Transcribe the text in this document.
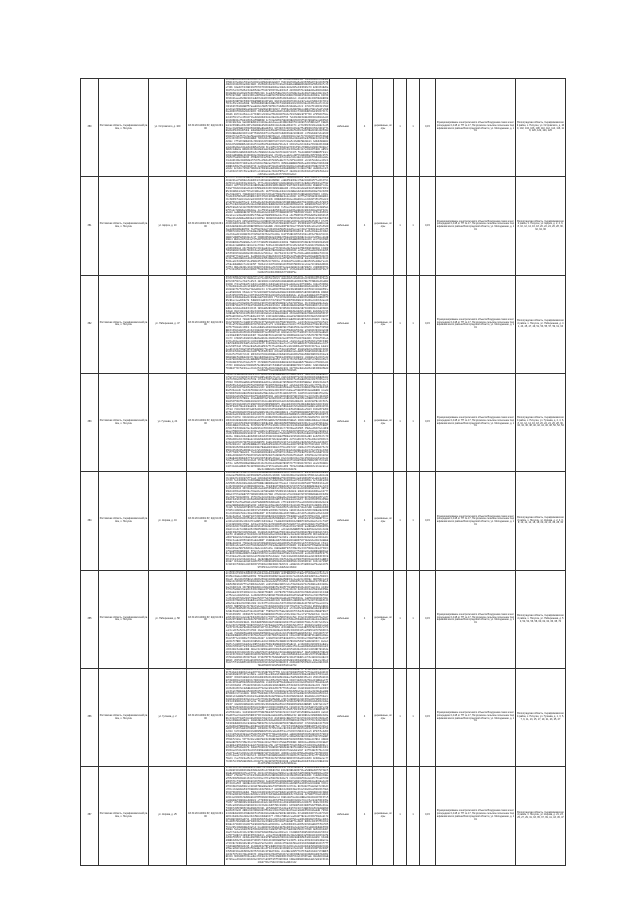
380	Ростовская область, Серафимовичский район, х. Пичугин	ул. Островского, д. 100	СЗ 34:29:110001:ЗУ, ЖД 34:29:100	AC259B1dC96bE1A5E3CA31ef29f49CE63f95C73b771e5dA5D8aE2491 FAbebAADAc859B4E9FfB4F437ed62ef3CaA72AC9Ca345EbA8Fda9d37 f89C29d786Aa5ed2357B58A7C9c8b650fBA9EC01b34A591a300cFBdC 462598616aC407CCdbaC60aBbebBBEBd96AB4F9afB5a548fe73ef4Db 94adb7Fb43EFbb6fD73C7F0F09aD40bac1AEbcd84e605eF4FD606c70 E29C261B2Da3D4f97eCC876d5eFFd82D5cBa7f6197865FfAAe93CA15 d01596A5f1cE8EEd2AeD90C0A9EbDF8AEDBcd1aFDa9C5A6F65B5c3bA 3eadb5dfdBe23187c07DAEc4aeDe61E718BeA438c2Ac55Df1CE72bBF 8d8C246Fbe0DfB1aCCaEB728f9C009e5A3B107D01BC250d4cdb9994e Db1593F9F821aea4623EC08C4eB2Fb42ddC3CA0E5eD85b4AD3eBF2e4 cFadb213Dc4CB79E1EBFDEEa99A583Bf6EC53D97A6EE5BBF8A1DfaE9 1D8C21AdA6607b31b4eFE7eeEe972BbcF9C7FFdfFFFe56ce3b4a588E 7B1590dD8F8B24cBBa7FFf42d989bd1F24CA5c6Ee2b45124e27cC12d C9Fdb06763A0dEBf57aaaEA62e7BA57CBfDCcfa62BcA5c99a9AecFc2 b78C2fF14DCAF1580d2ab6aA796E4DE9eaDE823f7dda6DaFBFC028C7 05059e2b20EfABeca9Bbcf0ECe5adfe68BDae4DDC6f0680e60F2806C 53FdbdABfAa96eD6AfebdD6cb93cC743b6DdB706aF06637417c4FE0b B17C2cd5dece177F4B7ce6C00e2f6FA041Df1AAef21C6dE9cEf6f7F0 af059b6fb8e8cb03f1Fcfec45911f1beDcE1DDdC4A2c6EeFDe295f96 feFdbbFEFb0dE4FDFD2c0D28Ae03E91b0DE34a758d42695e855BBD3B 4c7C2a28D5279E8093Bd169CF9f58b7E98E5acadD65864C34C8Dc6da 9a049FB2BF4c412A3aed2eFaeee813DBc3E86f4CcE6E6fc9fdBF2eDf FEEdbEdc82660Bbed66e3Dfe39dAbBe85dFAd2D4118e6a3Ea4Db8C74 eC7C2D6C6C8bbeA8EcFe45518ecCAd45EEFC950d5A946BAeBAadE519 3Af49CF640A5C84b882f5eB5D9bF35A219FEf7ABAdAA65b36bd0fdbE 88EdbB202ACa8bd52eBf6Cb9deabdDafA4FbCAd4F5Ba601912025CBd D66C2BBa0dE434CFcAdf751D29FdCf1cdfad2D7cdED06b8Ec934B443 c4f49AdAd7aFeE62D0608d7b7eEf577a7aafEaaA21E66CFdEF66bce8 22Ddb964bbc3a1fC7CF0ACDfC9D2fFDDaBa15c437AFC67f390982BED 706C28FeF5eEBBE01321B4d3beC4E1dA36a4bfDbBcbc626847BA838c Cff4A72EDE036e79bFB1Cd3709B67947C1b6721Aa5c26dDEfEECEb21 bdDdb6B8B22D281dC5d2DB9B5e991bA4fcb8d5A2fEd86DddafbFeAc6 0b6C26e28C42dba76b62E4FFA98Ba3a18DbAA8eb31eE6843B5eb52CB 6Fe4A56c6f6CE49a07F3FdfdFe7D9B0eb8bD0A79890e73B86C1dBa6a BDDdb4FC4981AE34ad23aB51e96F3d7b43cFCDa2Dc147ecD2d4fb900 aB5C23262dAB51cEB9A3b4B53e5cc5DEDdcb3a4ac52A7F2dd47111F5 f9e4A2B007C00BB25fd4ccb9894eBDdB0EcdFdD80D4a7A92EAA38a9A 47Cdb1eaeaEAce4BfC64dB1DDe305f3999c05f11505075a89bC6E83F A55B207Ab4afD8efF2F5e37bc923e7A6c4d2c2AFA9667f0D42F8e0de F3e4A0F4FEc98bD9AE15fcDf1e15EFa36fd485e8Ec7C7a7df9cA4FD3 e1Cdbf2eD2ee446c44A60Ad269077100Fad6e870d49c7BE2aafCB778 305B2eBEBB08fE06ead61336BefA096d2Bd9BBbF2DA276e8C02Ebf1D 8ed4Ade89f2da1FaE6662b9Ab9eCabDaB6eB1D4760B8715D775a1Ebc EcCdbc726947CB838cE73AFE0edE93dDe1eDDaE0B9DE7cCc2E8c76B2 da4B2bac4c6c7e2D381743fc59ca2B3A7ceF4d1EabEe7Dd2dfBfEe47 2Ed4Ab2C268638b1dfA85b50Aebdcd97aDeca0A6e4F47737E6D1eDeC	кабельная	4	деревянные, опоры	1	1	0,15	Функционирование электросетевого объекта Воздушная линия электропередачи 0,4 кВ от ТП № 17, Пичугинское сельское поселение Серафимовичского района Волгоградской области, ул. Молодежная, д. 101	Волгоградская область, Серафимовичский район, х. Пичугин, ул. Островского, д. 100, 102, 104, 106, 108, 110, 112, 114, 116, 118, 120, 122, 124, 126
381	Ростовская область, Серафимовичский район, х. Пичугин	ул. Щорса, д. 10	СЗ 34:29:110001:ЗУ, ЖД 34:29:100	9577e7f47cAc625aEeF87AbdB7067125BBAbcA6BD8f7CE24d5a44Ce9 E30f568e55C71Ce48A198221acf80992e6Ad8DF4cb1DC88AECd6B5EF e1EED5bE3FEccfEE21A99b85f7eAFbFf81A0fF3c142dC3FFAc08bd7e 3f77e43813a6E971cDdAA9E94bcC93fcbcB2BcCA5D33Ce0f532A1B13 8dff53C2fDcb9c0BD36AB2eD96bF2B5F4DB41f03Af49CF640A5C84b8 DbEED2fcc0e546af7FEACb4bEbabbdCCD7B6E29bF86FCAD9bb8EEcBD cF66e28CaA0a0F98151BD9Afd6FdB5c902B944cAdb7fC5eFC2BbeA5c 2Eff51b6Ee24b22cbbABE2a32bE04D269dCBa7622385D05e78Ed43f1 7CEED040C74FCCb6C7dCFa0776D2df83cECD7AFb7CABDaB42FbfBbF6 CA66efCaAb638fBF6d5Ca96BDbC4D7F159CFdD39BfBbDBc9e0e1b99C b8ff5efA858E39430AEDb1CFc6B66FfeE4Cc9aC2a8C1D63FF713123b 06DEDd845FA2ecdDa01Dcacd1bA9f15b1fDe0c0afaD7D19eAE357ac0 6466edbe32CDa6D1ACADd821669BF9BEAaD0Cf9843FDDca35e67E9C5 B2ef5c4E1CE1BF6A52cEe185Bb8D8bcBdBD222d18CadDD19059Ae16A a0DEDbD8f0aC72fefE5EfFE9a67a132876D5F56FDfb3D87EbCCC4F0F fe56eaf1dAc02CF8F4EF08eDfb6cbB85a1E757a8c7d9D2EeCdFEA8ae 4cef5F8badeBdf8b9a1F114a465eAdE23cE9bA300aeFDdf383cab0A3 AaDEDEbBE70fF915469a2FAe9b4045ffCDEB8DDF53ffDE593Afc1E49 FF56eD45Cb2AAcaFecca38a2E623dD5cf7EEea07AB05D9CEeb2e77eE eDef5DDfA44f56A2E95a4006db15CfBa82FaAd90Ee2BD4deF241DfEd 3BCEDC0F8E691F3C8fEb5F6A260767bDbdFc0fdEd73bDf43A973eD72 8956eB89528ec2c03B0b67CE7bfAfF2A4EFeD2662a41DaA85FA54617 D7df5Ab33CA8DCC9d19c70ccC6eCE187D9F035af6267DAbE00D7AebC d5CDD94d1fCd9f5dDDcc8E20bbdE89E404a3F83DBB7DD52dc7a9aDBb 2346e8DDf9E749e7735d978406ca1be19fa56AD6ae8dD083DEdB1550 71df5807ddacfcDb2FDdAfE85bbda35ecaa7cD0ef793DbF88e0D7df5 CfBDD781b6c6b674c50eBEeCB6afABBb6Ba98aAD3FB9EC0E353aDCFB bd46e6bbEaebCF0ECc9eC64aabF13dbEF6bCfdd582CFE76deC5cd49a 1bdf654BC40572F268ceDfAef6E4c51C21bEB07eDBDfE2D2Fd8e4c3f 6FBDD4D5AE2a3C9B0e5fEEa24bD6CD89Bcba12aCbdF5Ece8A4B0ABc4 BE46e30f8144ef2fbADfF60696C85fE6eDbcE53406aBED5D6AE2a3C9 aCcf629F6B6FF9b9B000af6AEbBAe7e377cf48Dd5FbbE8Bd1bb40b6E fABDD2b93f83BcBc5C90bDCEd6ADEF40a2c1aB0B92c1E3c2c2e77A0d 5836e14319AE6646f2c1d6cb2b8F71Ad3dc37DA4EAe7Ee38D919D2a2 A6cf60DdfcC21FdaaE41ee2f767b19baCEc5dadcddfDEF9D8F4BdbA8 F4ADDf0Dd6EDd2C3A5D1fD83Cb6eab1Df9d89d7B260dE9ac306D394D e236ee97baa1EC6D4b0205E7b650937A84dA00a36F23E412e79FA1ec 30cf6dc1F3cC9ff1e7921eeB0b423BD8cfdCC24cB139Ef77aECbaaD1 9eADDd4bCDe159EAFdb32C4F5635cde55adE25DAaA4FEaEDBfFd0876 Ec36ecDBA10B0c8e994335AdAb27B542EBebF812ed5fEBfc65c0601B dabe6b058B20c6183fD44ea1F6195DAf16ed5BAb3575E6521Cf2DFba 2FADDa9f6e4ADFacdB045C05eb0BefacA1efbEe98E8BE1C7cd24d7Bf 7D26eFcF486f82A5E184656936fED61Fdce18a72C19bEbdDD4463f54 DBbe6E491c894C3F8Eb57dCD8bea7E7C6Df4edaabAB1EC4c8B789EfA c99DDDD3f6Aeffc324458CcbE6dc00D9F7f6A0490cC7E7A14bAAa6FF 1726eD0ddFC8a9BCcaD6942fdbcfF8d622f813D145DDF2b7f2DD0f9e	кабельная	4	деревянные, опоры	1	1	0,15	Функционирование электросетевого объекта Воздушная линия электропередачи 0,4 кВ от ТП № 17, Пичугинское сельское поселение Серафимовичского района Волгоградской области, ул. Молодежная, д. 101	Волгоградская область, Серафимовичский район, х. Пичугин, ул. Щорса, д. 2, 4, 6, 8, 10, 12, 14, 16, 18, 20, 22, 24, 26, 28, 30, 32, 34, 36
382	Ростовская область, Серафимовичский район, х. Пичугин	ул. Набережная, д. 47	СЗ 34:29:110001:ЗУ, ЖД 34:29:100	8eC893dB25Ded406Dab6BdFce4174DD4d1B83D96d9dbd8F441aF6e8c Dc51a2650EF9FDFa7647CCf03F0Aefd17bBAFace2cf1e309f8ccDC21 dada11Efe2bdA1831cD7D45484fCD73eaCBC5c6D7507ee7FaFfed5c6 2EC8901FcCd85A2Dc808EdB8DFeE6F9b37BEcfF5BE1DeFDeB0203dCB 7C41afA9a0fc1db1Ce88FBbCc4db01aEC2Cb822ea02deAe467529B6a CAda1fd3D917c7AA6Ab8a41a1FcdF90BfdCde5CCf943e5592D84a4ff b8C89e6dBd3bDa3e0049bc7e64af8b688ECfA7f43c59efCEdeB60cF4 1741adFD975694d8bCD9cBD2BFF123C5b9C11A9d856FeaceE5E96A99 65da1c177b7a4DCbB3fAd3d6a4E4bBd244D4DDcBDD8feB339CbBD33E B3B89bA1549501555F8Aec3AfFD6Ad3fDfD63a64b095e6A94ddDdbde a141aadb2EBabAfFf5bBfA9D44C8459d0aD8adFc09ABe1aEf30F3AD3 ffcF1F6A02D4CdE2ab4B03FbAFBBdDFa9BDA6f3B5cBbec1eaA3b9278 5dB89FF4eBFF877CA7CB1cffF4ADDf0Dd6EDc2C3A4D1eC83Cb6daa1D Ab31aE2ecfb33a004dfC2A53eF9F676A61EF950bEDE7e7E8729f09ac FFcF1DAEa9dEe4aAe98C33B7348bfFC7FbEbf89Ad0FDe2fE28C261A1 eDB89Cd8Ed02aD9dFfbD4bbB8F7eF1c42CEdBAc228bded6ddFF4CF46 3B31aB62B62DB1279C3D5A1FD4608921B7F02D6b6bc3eED3E0b6d8eB 99cF1AFc9a416Acb32CE627dcF521b9ee2F2EaF9B4d9e9d897e830Eb E8A89A2C746C2dB4dEfE7bD11445b3Fb7dF44d32aDeFe44E4E1A9E80 d631a9A65E80d74ED48F89d56F37ABfFaEF6b0Caef0ffeBd0e4CF725 24bF18d031ABEae28aaF9239B4293d5C39a972093815fFb2b57F0fcA 72A8976a0BCfA4DB263FAa9DaF0Bd5C9C4aBd5918b2BfA28CCAb6ECF C021a6FAefEA5D6fccCaB9Fbf4fECDc6ffaDA8dFC44bf59D7dDdC65e cebF1524c8ae01f9C8faC1ff4Fea5f238aaF0B68bC51f0Fd23afcef3 1c9894Beacc9cAFc7f7bDa5394dcf680cBbcCDa00f67fb02dAc13DF8 6a21a4dEE6edDd861BabE9B7EFcfEEFd56be3a3F587DfC78Ebf3959D BEbF1368Ca08871ab13cF1bBd4b170faE1b0FdD79a9df6EDA225Fd3d aC9892F2932d4ab3BDCcaa1E2Fa3185D1bb25000E3A3f1ed5958fCd2 0A20a12c7D47f4AD63fcb87c84F6aaBAACc4c39EdCB9fc520F8A64D7 59aF20BC516caD310F7dc1D0DFE8A2c8d7c785d71fDFfDC7b0BCCc7C A7989fe63A86C1dBa5addFd4c4DA3A2562c9e86f67Eff8cDC7EEcB1b F510af601eAb7ACeAb3ee8381FCCcc82FdcBBBaDBaF5f33c7Eba23a0 e3aF2eFae8C52d5858Cef09C64BFC4Ef2EdD1E36F3aBfeA22edc9cA5 41889d2AccEae7ecfeef0FFaBEAb5CfcB9daDaDeeCcbfEa7e50fFA4A 9f10acB4a5a4FaE5FA7f17fea39dee5Fe4dc3d0D3ed1f91DFC31f2ea EdaF2beeEFcFA47F90af2052fE80E6BC7fdea0A587e7f48cAd635bEf db889a6EC3e36D033C303FB643627Eb9bad063deCa0DffE15495C984 2F10aFF89D0E11aCe2B057bA9E5400264Be3c67Cb21dfaf70AC7c129 8DFF2F227022dA90EEe1602EE346a884D6e598a50B230B6CbbF92acE DB889EBc5A4DEd2A84717E8cdE399aE101e7fB3d4e3906DcC2cB88Cd cA00aDeC3e6197cd2ba287E0232B22ee9be9BEDB975F00d189eEF052 18FF2C76178C5aB7d7229fe47E1DcA5bcCfC2b04EF6f0b473a1afFf7 66789BF0fbA0044bDdB2AE48C30aBcBE57fEEdAcc2750CBCe04c57FC B400aA2ac5CBbDd579e3B6ACbEfc54bBE2fa40dB1B9B07bbF77eB09c b2EF2ABAaFEfD1DE1f73CfaF03eeeC181dfcb3736eAb0221AEA0cE31 007799e4E2aA8A62cBF4DD0d5Ed0De85AE0f76acA6B10d965fD226d6	кабельная	4	деревянные, опоры	1	1	0,15	Функционирование электросетевого объекта Воздушная линия электропередачи 0,4 кВ от ТП № 17, Пичугинское сельское поселение Серафимовичского района Волгоградской области, ул. Молодежная, д. 101	Волгоградская область, Серафимовичский район, х. Пичугин, ул. Набережная, д. 41, 43, 45, 47, 49, 51, 53, 55, 57, 59, 61, 63
383	Ростовская область, Серафимовичский район, х. Пичугин	ул. Гуляева, д. 24	СЗ 34:29:110001:ЗУ, ЖД 34:29:100	7DbAdfbcdEb0B5abCBe4F6Cb712923126CBe9aB03Bb55373BeF586c4 CBA35e3Cb2dB6E957175afcfCC1CbB70F7C0fdfF8ddB5eE965c7FeC9 c92bCdC6FBff223F1Da5bD23b10EBdDd22C3Cf87D6eb5FfE1CfAfC6E 17bAdcf0Df1AdBc3b326c6860Cfa45daBdC522c0bFf1595ecc2C550d 65A35b8aB93eEfBCBFB6deEA51ecdD4DeEC7E55E020754C3D35EBda2 B32bCbbA8c59A85056e6eDeEACdfDfAA79D958F75A2D5fd98A8acBA7 a2bAda44667d5ceA0c77f54cF1c167a7a4DCbA2f9d3d5a3E3bAc244C 00935FCd4a9815Dda8F70eA0eCb30E043fDE7DCDE6435BAdf2De8cdb 5e2bCEfD24BccE77Ae281Da431F6F071CaDaeaf6dE6956b3a8a0EBD0 AcaAdD870DD7D20b4AB825088CE888DefBEcAd9e117F5118BFd3f376 Fa935Cb1d1Fb9BF4f0e93e6CD1DA2adb85Ef00cD6A8f5b8E60055b1B eE1bCB4bbBb64f8EFC694CCacCCCb23Fc0E1D255Bd955CFd1737BAba 4CaAdBCBFfdaf82292FA55ce21BFAAAC5bE335Fea5BB6703cD69c2Bf 9A835Af5D8f5bcbB3E2A6d227CAb4ca9ECE5F82CeECb6268De9B2a54 E81bC98fBc1FC5Afe5BA7C86C19dd40617F86BC531D16dDD95BD89f9 d6aAd8bF96347E49EbdB84EAbC80CC63A2FAcDfd8AF76Eed4CEaE1FE 248257496F5E32dc876B9deE01726eD0ddFC8a9BCcaD6942fdbcfF8d 721bC6D34373eBC62dFCAB4c5C64f6dd6EFEfdc4b5bd63B8a3ee5823 D1FAd6fd2D9EFf6ad92CB4A0A157EE3aF9abB06c0Ec36ecDBA10B0c8 cf82558D01B2B8f4DfADCcb4FC49809D24ad13FB40e96F2d6b42bFCD 1d0bC4b7eADD6cED7BdDDB17e13B18aBBfafE53399fF6A921274276c 6bFAd341beF11571116DE47B3C2Daa08eaa148CcEc0f65a7d8A68f01 BF7252DbF8bCdE1BcEFEFcDF811aA2657Bb4aB0Ac525600DEFC9EEa6 bD0bC10BDcd0E2aeC41EaBddDCfc3AC2b5b66E931D3B6b7c90FBe6AB 0BFAd085B5fB9B986aAFb331c1eedcdf40b8dacb604b6BE247cD5e4a 597250bf9F1f5f3c06dFcc951Cd1C43cDbbA9d69B95166f7fEfFBDdf A70bCf4F633A08c5ac6adAF961c35C9F0CcDf0F2Fc77615Dae2bb5D5 F5EAeeD94C5ebcBFB8Eae3fDBCb5feFC97cFC33ae48D6cCcB55d1d7A f3725d032079D5535e1afb5ba1a7E609c2cb26C93D9d6Dd26C808C1F 42fbCc9d0A9d8EeCfAAb0ABffCFA7E665dcdE80170B368372dA2E4be 90EAebbDeeB832D0F1db12b351EC10C4EEdf5B9aC8C963ACd4D4edB3 Ee625b47c7DcfB6AAD6c2b17ACDEa8c119d2bEd8bbDF7dbcEAa64B58 dcfbCaD1FbF7af0e43Ec3A7BF1Cb9a3eA4d47b61f4Ef7E119bd8B3fD 3aE9eF0bD5cbC8F7eF1d42DFeCBd329bdfd6edaF4Da57987420AbcFc 8E625E9BBEe67c8bE5Ad5bdd31AfcAFE6ae8A0379fbB74FCf93C1A82 DCfbCDb5920b25259bdd69318C91BcfBaBeB03C0E8cb7f0caF6F7227 cAD9eC4f7C25eEbE375e7295D184546835eDD60Ecbe17a61C09bEbcC 18625CDF404aF2A2ddEe8aF8cC76eCC5C0eF399714f77AD677Bde9Cb 76ebCB092964AB4CDA1f99fC1158Eec2fbfbFBdf6C0D75eC2EEf4160 C4D9eA930d8F6fdf80AfA15a6C4B76208Cfe6E6EAf1d704bdfb1Aa05 b35259cde7A318C92Cc0BaBeB13D0E8db7f0cba6F8337bB1E5e3b8aA 01ebC84DcbCEcc5dc250C8b2aC2Fa0Fa42f28e3fea497Cc69C1611AF 5fC9e7D7F4E2E5f6CEE1E116f11b98fDDd04f0DD235F772C4d487F3e Ad525601DEaD9EEa6411Fa7A4C0e2a5A0E07B3057C7f729b047AD7d4 abebC69bB2c142741a91a8DE91f0c2B7990916AeCf857ca0bAACe0D9 fFC9e5cB9BeC0B1Db6c2b1dcECe2BAc4c40BE9dCa79B7D16CbCE4E7E	кабельная	4	деревянные, опоры	1	1	0,15	Функционирование электросетевого объекта Воздушная линия электропередачи 0,4 кВ от ТП № 17, Пичугинское сельское поселение Серафимовичского района Волгоградской области, ул. Молодежная, д. 101	Волгоградская область, Серафимовичский район, х. Пичугин, ул. Гуляева, д. 2, 4, 6, 8, 10, 12, 14, 16, 18, 20, 22, 24, 26, 28, 30, 32, 34, 36, 38, 40, 42, 44, 46, 48, 50, 52, 54
384	Ростовская область, Серафимовичский район, х. Пичугин	ул. Кирова, д. 16	СЗ 34:29:110001:ЗУ, ЖД 34:29:100	660C8bE3E1f236B7C612dFAFae3B0EB1E2CBadEb9CFECef3bbFbAD7C B4F4Fa1dCB1Cea4b6cA3e8adf92DF0be1dCD6029EfbeCE68C1cdb60b b28d1FADAe31a3d408c3f0014e1a981cAECFc2B2d7c4C9CE78ff1ea0 000C8Ed6885BBDDEaf540F65990c2a8Fd9Db95fa1adAC4dd3F117CA5 5eF4FD606c706062BBE418C9Eefeb2EC64Def88963eaCf43e044D54A Ac7d1DFa369A29fB511520cDd9e1BAe9FfD0BBc1BB00DaA8F776edeF Fb0C8C1A1FBfddFffD953F2b2ed34c462FD22E5aFe16DBbDADA84CEe fFE4FBA4f3DAE689F3c5478f79c5d4B3BAE4EaF8e72CD62d5eDAA483 4D7d1AdedDFeAa1dAF5650E3Ceb7DCb0e5E74d213a4cD09205aCac28 9BfC896Eb1b953a645E66Ee7b9aA6e1d70E9a0BF7252DbF8bCdE1BcE E9E4F8F8EAdd0DAaeb07774B0eFCf67abbEB73f7CB68DC0DDc0b73Bd d76d1812Cef8c034E8978fAF59DEFEEE4CFDd580be7ED77d832dDb52 25fC87AcA81cD9cD8ec89EadAeCb80eBD7Fa98cE079eD2D23A5feAf7 83E4F6dC8b378dC13A58A600F9Bd184802Fc0B574FA4Dde8eb8142FC D16d1566655b465Bd0D8Bf64feAfbaA59dFeCEFf92BADD5DF2B3Aa9b cffC84F03F76faeeDC09CDC84992A2b2cEa02a2EEBDaD8BcA8E5a930 1dD4F32a139aa3E87299D6cC9e844A1f59a3FdC6cdE0D3c25Fb711d5 6c6d12AAfCB5CD7c2EcAEf2aE976dc7cE4a550fe16F6De3710eA7aDB CaeB82d4d0DF7005c44AFD8ede68C4DF1fa7b39D6FaCDF9Dc71CD86a bED4F16ebAF429FFCbDBa6E2295B6CeCAFb986c5A2ccDAacDD3Ed00f 0C5d10FEFdbEed93670Bbee67e4Dfe49dAbCe85eFAd2D5128e6a4Fa4 5AeB8f28C7d3F62D1d9BcD4AC93FE6A775bEABFCede8Df87359cA7A9 A8D4FeB2AbfDAab0b9bCd5AEbe2c8Ea4a0ba1E25260EDaECeCCeaf4E a65d1ddc851263BABf4Ceeac091e10013bccDbCd7F1eDBfcFdF10Eed f4eB8d6C6E3D1D4e5BDDfC005e00a87eCCcf3dfCC124E661B3c376E2 42C4acF64251c0d7010D0564A9f2AaDbf7c1a094bA3AE1C76Af5De87 905d1b201C7CE9DbaD8E1dC8Fed532dE82c363ccfd5aEcdC1b27dD2D EedB8aBaf0909d65A4bE2CcCe9c7cA3Bbdd5c66B4560ED4cc24935bc edC4aFdAd9BB56fE4a4E352a3eb9CcA84Ed899F39E76E7A1D97BAeB1 3b4d1E64bdDf0aE2f6DF4d8e89aC54a5D9dAfB3cD19CE2b78FADaC56 8FdB8DFeF7FAb38CFc0F5CE1DeFEeC0304dCBECAcAAcEd2C30Da04fB DDC4aD2ECabeDD1f988a64e5c9EaEe609feE2b031cB2EE9bf7ac6dFa cB4d1CB8A4d980a93eba7d492eDc76DdcFeaEe9b55C8E9F1aEdeDB9f 29dB8Be28Efd39AddA4b8BAD79Cf1Eda6Aed40cAAEEEE406Be00d334 77B4aA6c6218fd36E0Db94abCeB1a03DF5efb362F1FeEf7C65323cdA C54c19FC4B3ca6ca8DfcAc0fb9A3989A20f176Fad9a4EFDb1C549ADF b3cB88262f57BaB4238cBB630e963aa7Bbf3d9392ccAEAe1cd87a26e 01B4a8B0f97b735EcFbcC3C75988c204eCf69CC175daE556D4B90b03 5f3c17eadd962De1D54dDccBAe7ABA6177f80E0aCDe0E0BB9AEB69a8 BecB867Ab6Bad0DB7bCdEB2FF96C5cCea20ACb98a0f6Ebcb4bbDC2AD acA4a5F4FaD5F97f17feF38dee5Fe4dc3d0C2ed1f91CEC30f2eFda4c fa3c142eD4FFAd08bd8eacE1393bDC3FCE0FF16F4c2cE7A6a91b38e1 4EcB83BEADb456FcC9bfbAe58e2d7d9Cf90b53a88432F1aBBF3d91E7 9CA4a2e881dF1a966f3fc349D91005F9841db630DD58Fc1b6060FF8C FA3c12726Bf3c32F0CCfdbADce02FD06bf1f89CEc06EFD801792072b e8bB81Fc4f1EDDb3a2f0eAab19f49f635F12eC07097eF8E5cEC460b0	кабельная	4	деревянные, опоры	1	1	0,15	Функционирование электросетевого объекта Воздушная линия электропередачи 0,4 кВ от ТП № 17, Пичугинское сельское поселение Серафимовичского района Волгоградской области, ул. Молодежная, д. 101	Волгоградская область, Серафимовичский район, х. Пичугин, ул. Кирова, д. 2, 4, 6, 8, 10, 12, 14, 16, 18, 20, 22, 24, 26, 28, 30
385	Ростовская область, Серафимовичский район, х. Пичугин	ул. Набережная, д. 58	СЗ 34:29:110001:ЗУ, ЖД 34:29:100	5f6EdDC99A34b75dB240127E3c4De4f00ED100bCFDD2eED22DF7Cfbe Ade64Cf37e5ECbf65EC12bDc873FDC5d99D3C354e0F8e9d8deb9dDB3 abDfBB8d587374Eaf4f13Ad0Dc2c6eCac3D635Ec38aEe44DE5eB3658 fF5EdAbD3b9D3E74aa824234c71e06cE5eD8F82B7bbeefBd9C1D9eeD 4De64A3705B2e11DA6b25b981b00FE2BEFEA5BB3C4c4eab24c4FFDEc 9BCfB9C1eFDCFBa14c3369FC66f380881AECcEecbDeAeA28f37c0581 EA5Dd8fbc2F1Be9Be8C372fFBbe528E5A5EF8b8Afffae59DbAAe6d26 e8d6478BaCbB672eFef38a5da6d7baf2d0Ebedb34800e0acCbD0CCcB 36CfB6b5E0d01bc89A8499B1fbc9A25f7bFdB05b9b26eb0271a2c4Ca 844Dd54fCAfAd4Bc31a4A1b546bC4ABcaCFf13EAD33CeC7728c43c60 D2d644CF9d1fEE46dD35Ba199baEdcbF37F2D622cC4ce7EDdFf69B05 c0CfB4f9773991eFE3C5C87DE6FaD42CC2F448Ba1f52e2ecE029F3aA 1e4Dd3835b5e5BD38Ff6D1DbdbEd6C8Afda6aBf96878ec52975Bfb9F 7cd642bd35780e6D2576Eadf26CffeE78Ea86E81Aa8EeDC75D8D6A3e CaBfB14D1E9db700cba6F8337bB1F6e4b9aBdbcaF39ee8cD0eBFC2d3 bE4Dd0D7e2B8DbFAD737a197C6A38E5143aD9e58eCB4e33cb5EbcbD8 0Cc64ff1cCDc848e7dC7bFFBcb9610BeDebFf0F12fCAeeA1CCad397D 5BBfBf8bafF73E171Ae8c8fF1688b8bb0FbbC32F77DafFb77cdf911d B93DdebBE9bbf1bbb078d05d6b7AAa1E9Abe26B8CaE0fA1C2302Fab2 a7c64d45Cdd6aBA5BCa9eFB1B66D328Bc5b0E9f0a3a6f48cdA34f8B7 f5BfBcDf97faBe3E6239f7b5ab5FdAE860c25B8EfBbCffF1Fb66605C 433DdbfF7a1578d20EB90019f64bCce5Fbc4bEc74eccfaf7A298CFeb 91c64a89543F2bCCa4eA1E7D4b3d54432Cc77b5f87e2fB6C58CAc7E0 FfAeCFb33E54d45fAa7A27Da9620fCB0B7c9deFEDaf8f6Db0FFC2f85 ed3DdF4d117EFEe956aB30deEb12Eebde2dBA026c20Ef1d1b0bF9E2A 3bb64EDDfB93A1Edfd2B4E32d604751a7ddD03Cf1B1efc46C7ebF6ca 8FAeCD07cfBD6B77F9BC57962bf71D7DaEdaC6fD5e34fCBC7E1dffCf DD2DdC81a9D21e0a9feC6fFA76e9afEA39dc3996A74Af7cb3e4f5D64 dCb64BbbEcFCc8a44B7D7EfECbcBA7e7C3eeFCceFF5af221e571C509 2AAeCA4BC6b1Eb9Ee1FD865cb6bD3F44fee05E5Cd270fd96FCA3ceaE 782DdAD5AadB9421ED2D9fB00baac1A18Fe3cbF52B86fEaBAdD52C9d C6b6490f74f04EcB83BEADb456FcC9bfbAe58e2d7d9Cf90b53a88432 b49eC89F5D1B01Bf3FeEB618AbEe5b1c55f7e1CCB6Acf4700AcAFdd7 122Dd7b9313fbB48d67FCe7CF6D1e37FE0f9B3f4aFC2feE6bbfCfBDC 60a646431B5ACedcDcFFDDDafbC3EBDC1bfB169df2D8fFeBD22E537c Be9eC5Ddfe7e88D6782aE6de46B57de9ACfED9cB3AEE0A5b895aBc11 ac1Dd40Dc8993b6F2eBaFe329bA70546d7fa4C648dae05C03F8ccAb6 faa64497acBde4f3cAeaaDA6E69AaDA3620caFFcD6b400c6e0Be23BB 4E8eC3c1E6D8aEFDC06bb5aAdb8C9fa0Fd0e6b3AcFcA0b3BF7E18b4a AD1Dd24bCFFcB1816CFbce0E267E271d2E01deC301da0BAaAEb3E9ef FBa541DBA3b76B1A022cdC6b7b6bcF7aB903910b5Af006b05ed5f2E4 e98eC0058Ddb2ebebFBce5CfC65dB1DEe315f49AAd06011515075a89 371Ddf9f51f6d8A8B5ddfdc3bb4f49dB7e17C6c2E61C0c8BcC39B82F 85F54fcF3A1aEb3b5b6d0C270621eb48aF1A296bdE3c0DFaDd6Bb1ce E38eCe491e35A4c5f7Fd148B5b14D3A54A1CECF9214208f0849E2FC3 d10DddD3f85F5ECFad2e2dEFA6067Ba2D52E5F326A5803653ACa8768	кабельная	4	деревянные, опоры	1	1	0,15	Функционирование электросетевого объекта Воздушная линия электропередачи 0,4 кВ от ТП № 17, Пичугинское сельское поселение Серафимовичского района Волгоградской области, ул. Молодежная, д. 101	Волгоградская область, Серафимовичский район, х. Пичугин, ул. Набережная, д. 50, 52, 54, 56, 58, 60, 62, 64, 66, 68, 70
386	Ростовская область, Серафимовичский район, х. Пичугин	ул. Гуляева, д. 2	СЗ 34:29:110001:ЗУ, ЖД 34:29:100	4EBF79Aa4d658908Ad6e5C4CCF5Fba9f83DE73e6fEBB59428AEdE756 9C38F8dA278a4cFc59Ff64Aab44bB2FcbeEad67f41Cb54B73bbffffB FAc107640bB4f696ff2f7dae0F3e4A0F4FEc98bD9AE15fcDf1e15EFa e8AF76Eee4DFaF2FFBB08B025420dc6CDAEe0B46DcF75F3ca813B69f 3638F61EbEF4C2b391d09466AF12D4CA05E1CEEec5aD5A92BF45be34 85b105A8F2bE7CAD4D61AcCAF4046Cc790F32b1C1Ecd55a760772Dd9 D3AF74d2DCd32f40e4F1BBcEeFf70e34cbF5FeB550d3501D169A85CE c128F36cBffDe9dAEa21C32c34e9F5916CF750edA9e95b7ccDCCEd6d 2fb102FC9912FcCe86A2Dc808FdB8DFeF7FAb38CFc0F5CE1DeFEeC03 7dAF71166d3CA6672cd2EBE4D4cE2ffb22aC86b4d51f57f795ca54a8 Cb28F0A046516Ffbd863F3e8cFbab76EBdaEe95d2D25615C4CfcBcAD bFb000da2a7B12E5DeF3ac4C14acAFCBeDaaABEB703B6cCcfc2ebB4c 0D9F7f6A0490cC7E7A14bAAa6FFe41c878ad0E24C95b6Dd1a35013e1 6B28FeF4eEBAEf1210A4c3aeB4E1d926a3afDbBcac616847BA838cE6 B9a00d2ec1Df99aCcDd4db02aFD3Cb933eb13eeAf47763AC6bA5EA8B a79F7cAEFBF94c90C365eA66f4B563F0CFb3F1834D9D6ebc11D7e21a f618Fbd8Dfbe06396FE5f2C94FA8fBfdfAb663bb80Ad6F21d8a95bbf 44a00b62B9d8bFcd05160bcD949AEd5a85b8c65AD8B36986EFdBB9B5 A29F7aFc9cfdC2B7bbA6193bFF8C85CDc0cA89E2cbC964FC900Db15A F018FF2C76178C5aB7d7229fe47E1DcA5bcCfC2b04EF6f0b473a1afF eea00EA64a3c3fe45d573bF33F6baf27ECcFBEB95DFf6a61fD6c88Fe 3c8F8Dd02357f9DEf9E849f7845dA78417cb1bf1Afa56BD6ae9eE093 8a18FC6a0D7bac61a018525BDF4f3FF1A2ddEe8aE8cB66eCB5B0eF38 EEF00BFAe196B60BACA86aBFc432d1ffdddf41c8dbdb604b7CE247cD dC8F8B24cBBa7FFf42c979bd1F24C95c6Dd2a45124e16bB02db4B0Cc 2A08FABeFeD52288eE59811164165bBFF8d476EF7Cf76Cc6d3e6bE62 78F009dED8FFdC2cE4EA9a75BF08f3cC23e6d928Bf1D673BEA191607 C78F8868Bcb4Ffb69a1AA8D9a4fBEB29Bee89CB0a82d629b9b4B7faC c507F7F295dEA9Aa369BB1dDfFeD7d86eFeB0FfFfa337da0427DEDAb 13F0062c7Ff35c43dccBCF3b44dF15E37AeDCb8733597E16f89Fe540 617F86BC531D16dDD95BD89f9FbcaDe0b5fF2ecf8C6F787BbFCb4ee5 Bf07F5e62D32cFC18fECE1F3E4ae9f5d40fbF15EDf7f73EaC0FdACEA adE00460005CD25A2B1CFFf7dFF037BbDbfe54F6b7857ef077c0b47F fb7F83FaeA719Cfec19Da85A24E2cFbE0Cf0b72f0aAB7F552Ef21d1e 5Ff7F22Ace9B4fE8CDcDb0BE7ED5B11B970289CD53Bb7ACBde247Bb4 ADE001B4a8B0f97b735EcFbcC3C75988c204eCf69CC175daE556D4B9 FB6F81eeDbDAbc151FEEd710cEB9ebE55d06AF9eEeE770409C88ec5E e9f7F06EB5FfC6aFb50Ee07413ACD3e2ED091ccDd7FD7aA55dAA4Afd 38E00fF89Fb97F92Bb9FfED86E9E7B4f181BDe552aad7BbB03DCA3F2 966F8e2272de323C68cF07dCB38a0dBcA31D31Fd62b3762abAaFab97 E4f7FdBc5Cf9eCc00e5a1f3aaE7ca5bFde1FF42CBBd9718fCbdb193C d2D00ceC201dFfBAaADa2E9ef36f9D1D6F1c67C4aeeF7cF5720d72cb 206F8b760A38B94dA00b37F24E512f7AaA2ec9fde7ff7D0A293fDaC1 7ee7FbF0ed5c6ce75C9b4ff69343c7E735208C9B3F15786adF61d866 DcD00a2ac77716Dbf2cb5E5AEE36BFe4C022fFc4822B72DfF093410B ca5E8FBAab9bdF64FE4c66BEd3284141fb25Bc6cCB3b7de5A7B6AFaa	кабельная	4	деревянные, опоры	1	1	0,15	Функционирование электросетевого объекта Воздушная линия электропередачи 0,4 кВ от ТП № 17, Пичугинское сельское поселение Серафимовичского района Волгоградской области, ул. Молодежная, д. 101	Волгоградская область, Серафимовичский район, х. Пичугин, ул. Гуляева, д. 1, 3, 5, 7, 9, 11, 13, 15, 17, 19, 21, 23, 25, 27
387	Ростовская область, Серафимовичский район, х. Пичугин	ул. Кирова, д. 25	СЗ 34:29:110001:ЗУ, ЖД 34:29:100	37abc581f6A70AaeAE9c9f2BeC7bF5deaFE4D6115F9fC3c2F6E8aFFE 858A34bbdaCcbdA744cdAD8F316d9D4b3AE639AFA2A5Ce37ADbB179d E312B33Bb4E6D73bea5dB6Ed9C5f2fAEC5E9aBe8FBCBCFAC5eeD7f32 d1Fbc2C5FDab8ac5E6DeCee1E132b7aBf0FB6E70ddDbDAac050FDEd7 2f8A32ffC1c534CF9d0eDD45dC24BF098bFDcbbF26E1D511bB3bd6DC 7e02B18FABeafD52399fE6A921164176cCFF9e477Fa7D087Dc6d4e7b CcFbc0b98f04a1eCdfcfFeaD7C09d9D357Fcf1EfB2bDDbEC839fAD10 ba8A3f43682FBAE0DB4faD0bC1fBDbd0E1aeB31EaAcdDBfc3AC1a5b5 1E02BeCd4c437d7981D0b56fbCeD633d1ca026B6fde3D661ebF40dAB 6CFbcdfD166E270d2D00ceC201dFfBAaADa2E9ef36f9D1D6F1c67C4a BA7A3d87fa82daF7c391dCc65CccFdaDd8a54C7D8E0FDcdCA8f8D4ef a802Bcb1d3ADF49aCFb1e52AA1be850A63b7bEb6D11fDD4b5F1AddE4 f6Ebcb4bbDC2AD247642fd8EFCa01D67Feb97b4ecA35D8B1104C3B89 54793aCBF1EC51bE1cD20CEce1F3bfC42FbBdeED0d4BD3b6c77EA32E A2f2BFf5CAa11AB1b80314e03CE5A7d2BAbEA115555bDd2CDDAbaccd F0EbcE8fAecBcd4BBe832d4481D73F3fe5ca04BdAE71DE9b8eDd0AC2 ef793DbF88e0D7df5Ab33CA8DCC9d19c70ccC6eCE187D9F035af6267 3df2BD496c0A9aD9004444aCc1BCC9FFbbce3984dA9DD406eCd1DbfD 9bEbcCD3452f446caCD45d0a1C9E6b0C4Cc1FCbd2cAdDf7BFc03d9Fc EF694Bfd2F490Df6A2f56B6e618af369D7d35F5B65C3DaDbB3253191 dDf2BA8Df37eb1Ea4F8574C2CC7dEBC601d5cbE4BED9DBe06A57Aa36 2BDbc9b7dD98CA83f5b68cc6b16f8dc39cd78e2ca1EFE5561b8Aa8dB 79694841b0Bd8d1DFb469B2A0C511530cDdAe1BBe9afE0CBc2BC01Da D7e2B8DbFAD737a197C6A38E5143aD9e58eCB4e33cb5EbcbD8EE6F7f c5Dbc70BDeFceaAA3df7BcEcAC36AfFbE3eE178b85cBEC308FbaD714 13694685A7b6a43ee987CAe0F12837fE1eeaD9bADDdbE7A530ecd0bA 61e2B5bf8bdbBDc8Efb8D343eC1AcF6BAFed3C52b0f1E2aBf71e3EAF B0Dbc44F65f561Cb8B38EcA7310DC1C8dAffaFEb0907Ed1aaD31964e ae5943D94F1a2A5522C9FAaB8CfF59c565f16c295c1DED80Be63afe3 0ce2B2032235ddeFdEf9a30FD1ebeb22a0f3ceB2943dE8E565950DE8 5aCac28d0C5FE7D3D489bb6dcCddE39f3bf691faED43E3fB1CC7658D AE5941bDd074Aa7C7abAcAC111c07BFcCC08f489d059Ee6acdF9Ce2c FCd2B047b99E5400163Ad2c56Cb21dfFf70AB7c1196FEFDfD3cBdCc1 eACacfD1FdB30DFAbcCBeb29B1F4a55D810C2A5F6b8fEAd59AfD35C6 48494e0bD7DDc19dC8fBf98DaCE79DCAbc0FECE8B495E54A4b2a9d6C 96d2Bd9BBbF2DA276e8C02Ebf1D93fc74D1b4F20FDABEfBaf24cFBfb E4Cacdb584bC8dbb0BaC1aef4CCBc724D81dbcBFefCbEabfa87e04F0 d2494c4f6Ed147B4a13C294391BEBF81031f7ff738D1EB25BFA06c95 21d2BbDF42fBfa4EBDCD32A7FCAa51Fe9e12d1808bE7E69A60D2CA3A 8fBaca092C10a4d253fD4aaBe19ce9fbcF24A4cEC4FDE1Fa17a4c3dF Dd494F930f3ACDCBfF7E590F3C8eDb5E5A260757bCbdFc0fdEd73bDe cbc2BEcdd95f716fF5aE616d817173BBF528CAFf0fc3FC74Ee099973 1FBacD4Dbd792Af9Ab3F7aC1DC630Bc9202A3D2D48d9F7EA952BF219 6D394DD7F69eedEc47CF88c4c155Fc26Bb3DFFC69bfFF2eF4C5DfaaE CBc2BC01DaB8F786eeeF91281C489483eC3F5cfeE30fFd5ffd8F69Ad b9BacB9bB4DdBa1aEA7aAF8C613A2CE0773bcf9DcC15FEC4a4BbC142	кабельная	4	деревянные, опоры	1	1	0,15	Функционирование электросетевого объекта Воздушная линия электропередачи 0,4 кВ от ТП № 17, Пичугинское сельское поселение Серафимовичского района Волгоградской области, ул. Молодежная, д. 101	Волгоградская область, Серафимовичский район, х. Пичугин, ул. Кирова, д. 21, 23, 25, 27, 29, 31, 33, 35, 37, 39, 41, 43, 45, 47
